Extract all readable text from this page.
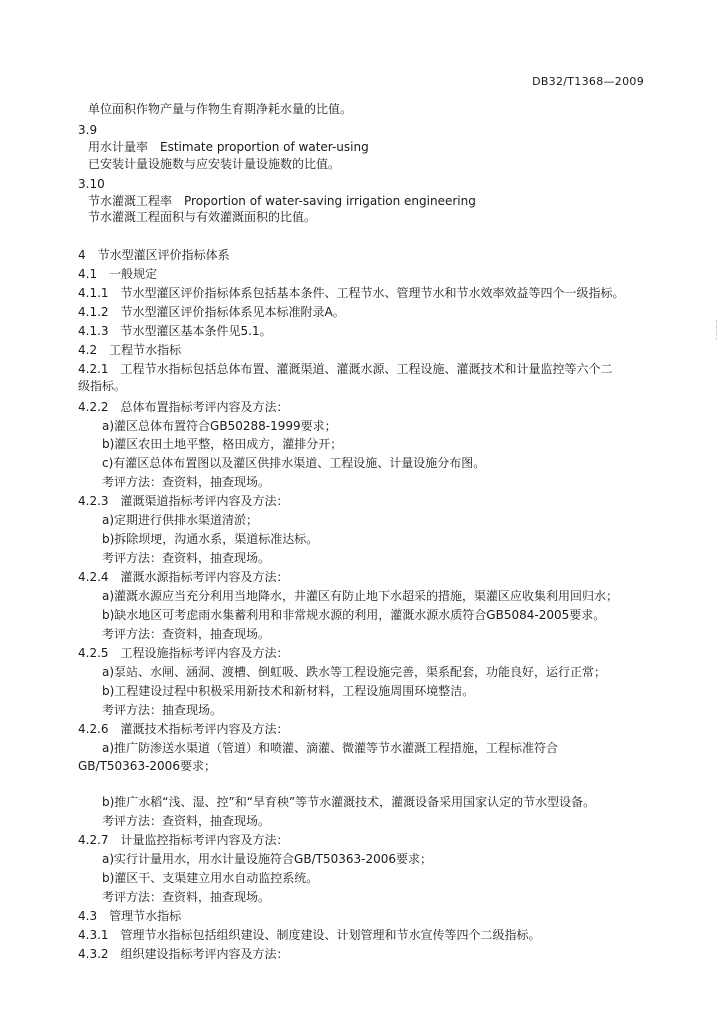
DB32/T1368—2009
单位面积作物产量与作物生育期净耗水量的比值。
3.9
用水计量率　Estimate proportion of water-using
已安装计量设施数与应安装计量设施数的比值。
3.10
节水灌溉工程率　Proportion of water-saving irrigation engineering
节水灌溉工程面积与有效灌溉面积的比值。
4　节水型灌区评价指标体系
4.1　一般规定
4.1.1　节水型灌区评价指标体系包括基本条件、工程节水、管理节水和节水效率效益等四个一级指标。
4.1.2　节水型灌区评价指标体系见本标准附录A。
4.1.3　节水型灌区基本条件见5.1。
4.2　工程节水指标
4.2.1　工程节水指标包括总体布置、灌溉渠道、灌溉水源、工程设施、灌溉技术和计量监控等六个二
级指标。
4.2.2　总体布置指标考评内容及方法：
a)灌区总体布置符合GB50288-1999要求；
b)灌区农田土地平整，格田成方，灌排分开；
c)有灌区总体布置图以及灌区供排水渠道、工程设施、计量设施分布图。
考评方法：查资料，抽查现场。
4.2.3　灌溉渠道指标考评内容及方法：
a)定期进行供排水渠道清淤；
b)拆除坝埂，沟通水系，渠道标准达标。
考评方法：查资料，抽查现场。
4.2.4　灌溉水源指标考评内容及方法：
a)灌溉水源应当充分利用当地降水，井灌区有防止地下水超采的措施，渠灌区应收集利用回归水；
b)缺水地区可考虑雨水集蓄利用和非常规水源的利用，灌溉水源水质符合GB5084-2005要求。
考评方法：查资料，抽查现场。
4.2.5　工程设施指标考评内容及方法：
a)泵站、水闸、涵洞、渡槽、倒虹吸、跌水等工程设施完善，渠系配套，功能良好，运行正常；
b)工程建设过程中积极采用新技术和新材料，工程设施周围环境整洁。
考评方法：抽查现场。
4.2.6　灌溉技术指标考评内容及方法：
a)推广防渗送水渠道（管道）和喷灌、滴灌、微灌等节水灌溉工程措施，工程标准符合
GB/T50363-2006要求；
b)推广水稻“浅、湿、控”和“旱育秧”等节水灌溉技术，灌溉设备采用国家认定的节水型设备。
考评方法：查资料，抽查现场。
4.2.7　计量监控指标考评内容及方法：
a)实行计量用水，用水计量设施符合GB/T50363-2006要求；
b)灌区干、支渠建立用水自动监控系统。
考评方法：查资料，抽查现场。
4.3　管理节水指标
4.3.1　管理节水指标包括组织建设、制度建设、计划管理和节水宣传等四个二级指标。
4.3.2　组织建设指标考评内容及方法：
